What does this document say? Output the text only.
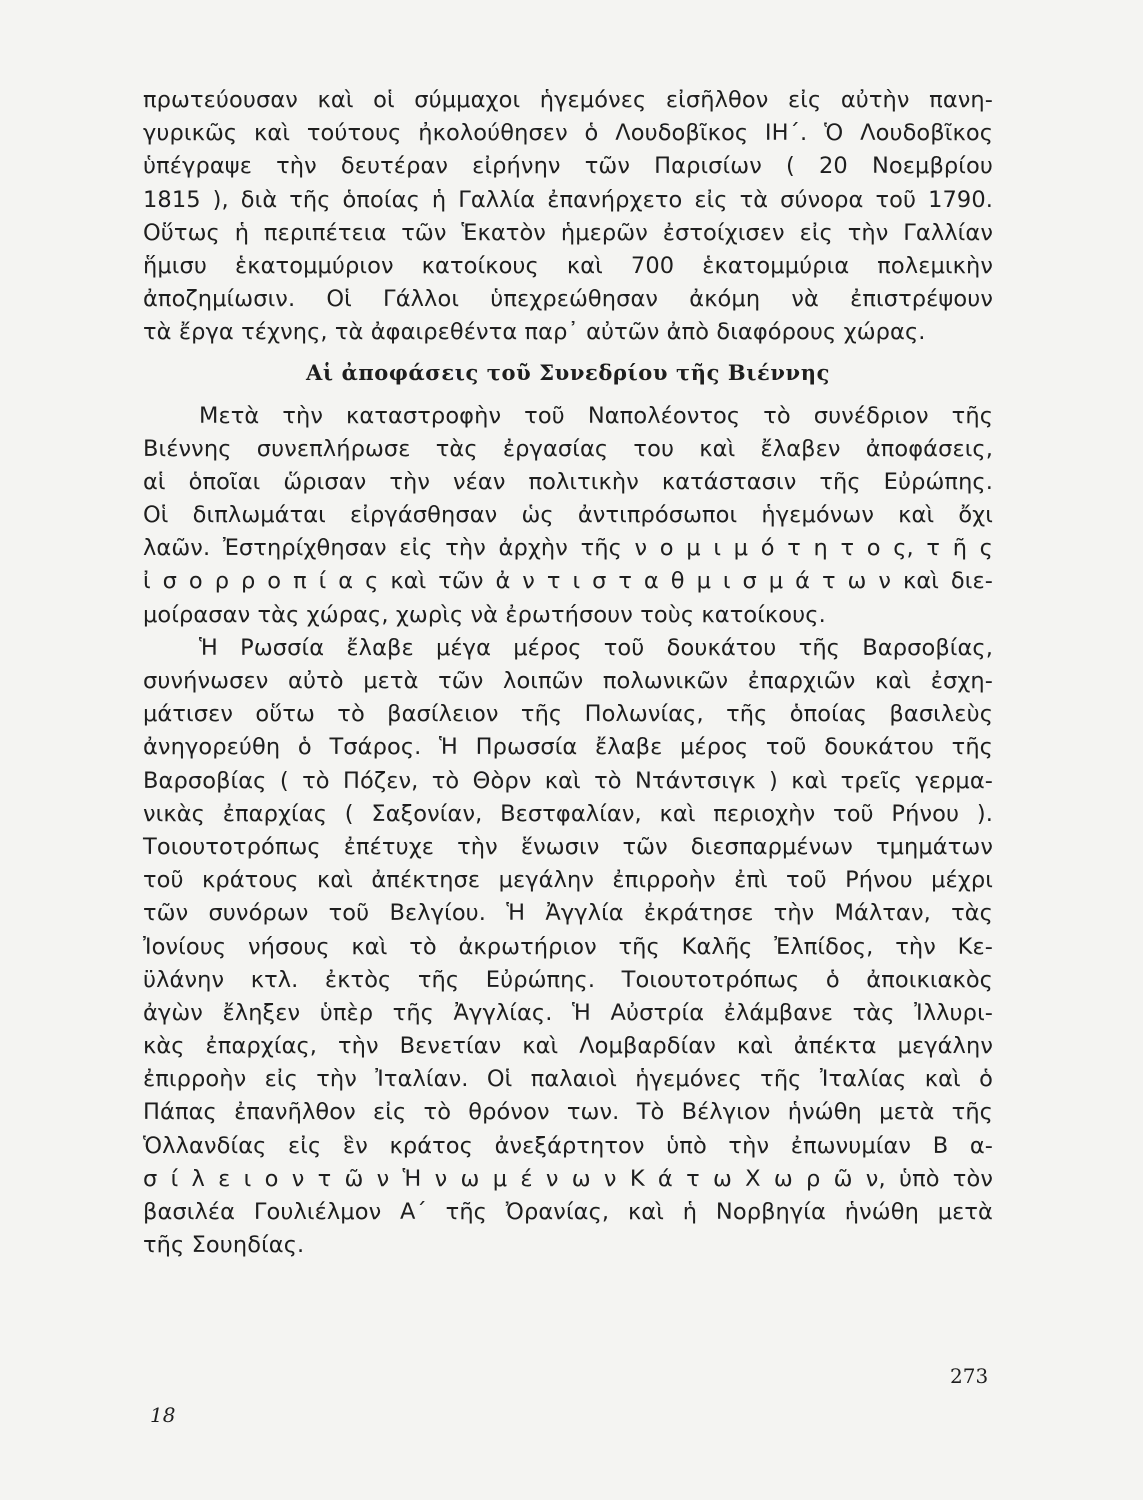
πρωτεύουσαν καὶ οἱ σύμμαχοι ἡγεμόνες εἰσῆλθον εἰς αὐτὴν πανη-
γυρικῶς καὶ τούτους ἠκολούθησεν ὁ Λουδοβῖκος ΙΗ΄. Ὁ Λουδοβῖκος
ὑπέγραψε τὴν δευτέραν εἰρήνην τῶν Παρισίων ( 20 Νοεμβρίου
1815 ), διὰ τῆς ὁποίας ἡ Γαλλία ἐπανήρχετο εἰς τὰ σύνορα τοῦ 1790.
Οὕτως ἡ περιπέτεια τῶν Ἑκατὸν ἡμερῶν ἐστοίχισεν εἰς τὴν Γαλλίαν
ἥμισυ ἑκατομμύριον κατοίκους καὶ 700 ἑκατομμύρια πολεμικὴν
ἀποζημίωσιν. Οἱ Γάλλοι ὑπεχρεώθησαν ἀκόμη νὰ ἐπιστρέψουν
τὰ ἔργα τέχνης, τὰ ἀφαιρεθέντα παρ᾽ αὐτῶν ἀπὸ διαφόρους χώρας.
Αἱ ἀποφάσεις τοῦ Συνεδρίου τῆς Βιέννης
Μετὰ τὴν καταστροφὴν τοῦ Ναπολέοντος τὸ συνέδριον τῆς
Βιέννης συνεπλήρωσε τὰς ἐργασίας του καὶ ἔλαβεν ἀποφάσεις,
αἱ ὁποῖαι ὥρισαν τὴν νέαν πολιτικὴν κατάστασιν τῆς Εὐρώπης.
Οἱ διπλωμάται εἰργάσθησαν ὡς ἀντιπρόσωποι ἡγεμόνων καὶ ὄχι
λαῶν. Ἐστηρίχθησαν εἰς τὴν ἀρχὴν τῆς ν ο μ ι μ ό τ η τ ο ς, τ ῆ ς
ἰ σ ο ρ ρ ο π ί α ς καὶ τῶν ἀ ν τ ι σ τ α θ μ ι σ μ ά τ ω ν καὶ διε-
μοίρασαν τὰς χώρας, χωρὶς νὰ ἐρωτήσουν τοὺς κατοίκους.
Ἡ Ρωσσία ἔλαβε μέγα μέρος τοῦ δουκάτου τῆς Βαρσοβίας,
συνήνωσεν αὐτὸ μετὰ τῶν λοιπῶν πολωνικῶν ἐπαρχιῶν καὶ ἐσχη-
μάτισεν οὕτω τὸ βασίλειον τῆς Πολωνίας, τῆς ὁποίας βασιλεὺς
ἀνηγορεύθη ὁ Τσάρος. Ἡ Πρωσσία ἔλαβε μέρος τοῦ δουκάτου τῆς
Βαρσοβίας ( τὸ Πόζεν, τὸ Θὸρν καὶ τὸ Ντάντσιγκ ) καὶ τρεῖς γερμα-
νικὰς ἐπαρχίας ( Σαξονίαν, Βεστφαλίαν, καὶ περιοχὴν τοῦ Ρήνου ).
Τοιουτοτρόπως ἐπέτυχε τὴν ἕνωσιν τῶν διεσπαρμένων τμημάτων
τοῦ κράτους καὶ ἀπέκτησε μεγάλην ἐπιρροὴν ἐπὶ τοῦ Ρήνου μέχρι
τῶν συνόρων τοῦ Βελγίου. Ἡ Ἀγγλία ἐκράτησε τὴν Μάλταν, τὰς
Ἰονίους νήσους καὶ τὸ ἀκρωτήριον τῆς Καλῆς Ἐλπίδος, τὴν Κε-
ϋλάνην κτλ. ἐκτὸς τῆς Εὐρώπης. Τοιουτοτρόπως ὁ ἀποικιακὸς
ἀγὼν ἔληξεν ὑπὲρ τῆς Ἀγγλίας. Ἡ Αὐστρία ἐλάμβανε τὰς Ἰλλυρι-
κὰς ἐπαρχίας, τὴν Βενετίαν καὶ Λομβαρδίαν καὶ ἀπέκτα μεγάλην
ἐπιρροὴν εἰς τὴν Ἰταλίαν. Οἱ παλαιοὶ ἡγεμόνες τῆς Ἰταλίας καὶ ὁ
Πάπας ἐπανῆλθον εἰς τὸ θρόνον των. Τὸ Βέλγιον ἡνώθη μετὰ τῆς
Ὁλλανδίας εἰς ἓν κράτος ἀνεξάρτητον ὑπὸ τὴν ἐπωνυμίαν Β α-
σ ί λ ε ι ο ν τ ῶ ν Ἡ ν ω μ έ ν ω ν Κ ά τ ω Χ ω ρ ῶ ν, ὑπὸ τὸν
βασιλέα Γουλιέλμον Α΄ τῆς Ὀρανίας, καὶ ἡ Νορβηγία ἡνώθη μετὰ
τῆς Σουηδίας.
273
18
